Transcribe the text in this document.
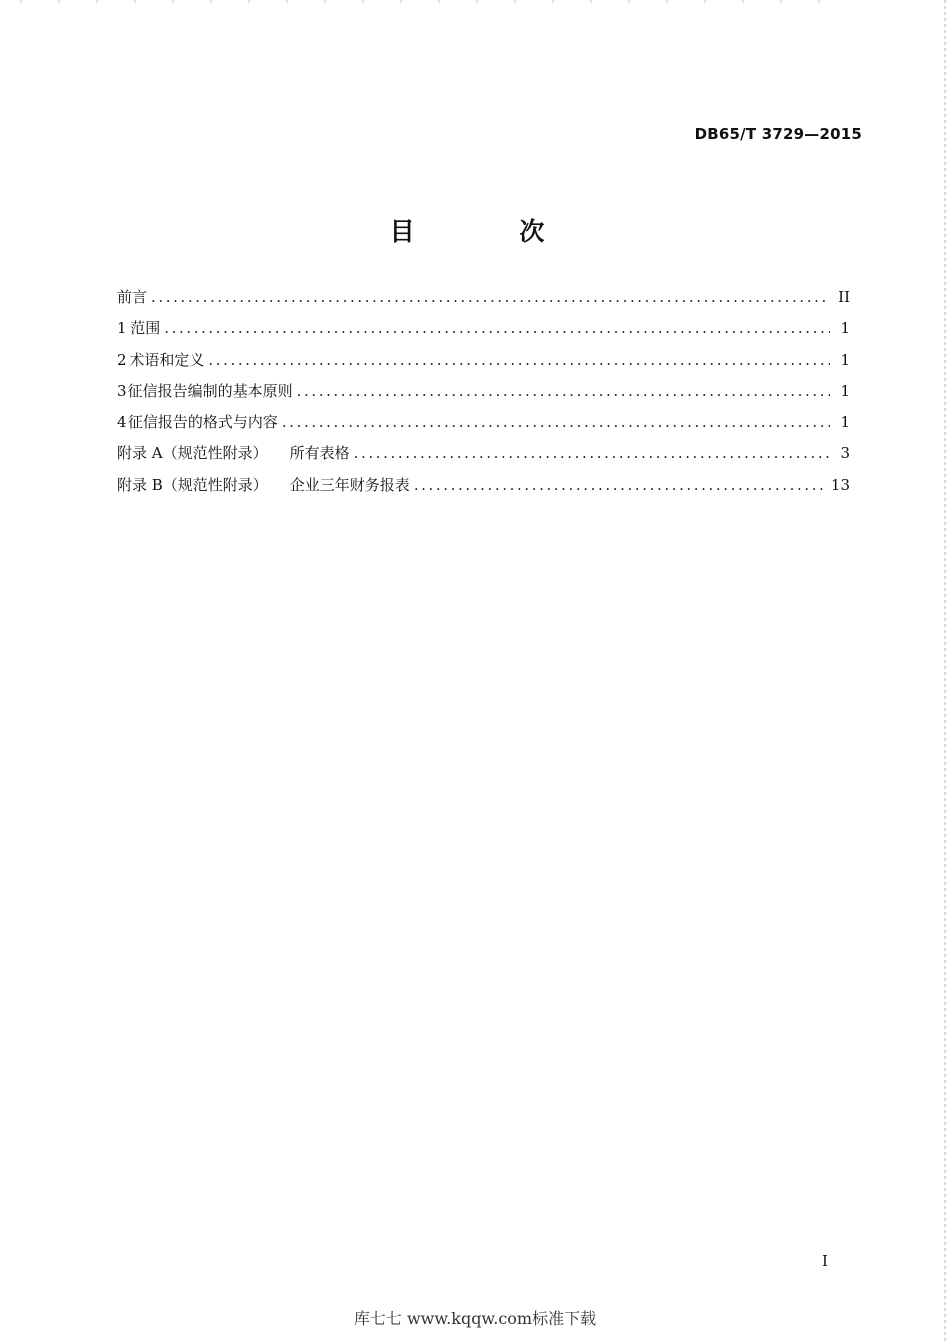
DB65/T 3729—2015
目 次
前言 .....	II
1 范围 .....	1
2 术语和定义 .....	1
3 征信报告编制的基本原则 .....	1
4 征信报告的格式与内容 .....	1
附录 A（规范性附录） 所有表格 .....	3
附录 B（规范性附录） 企业三年财务报表 .....	13
I
库七七 www.kqqw.com标准下载
